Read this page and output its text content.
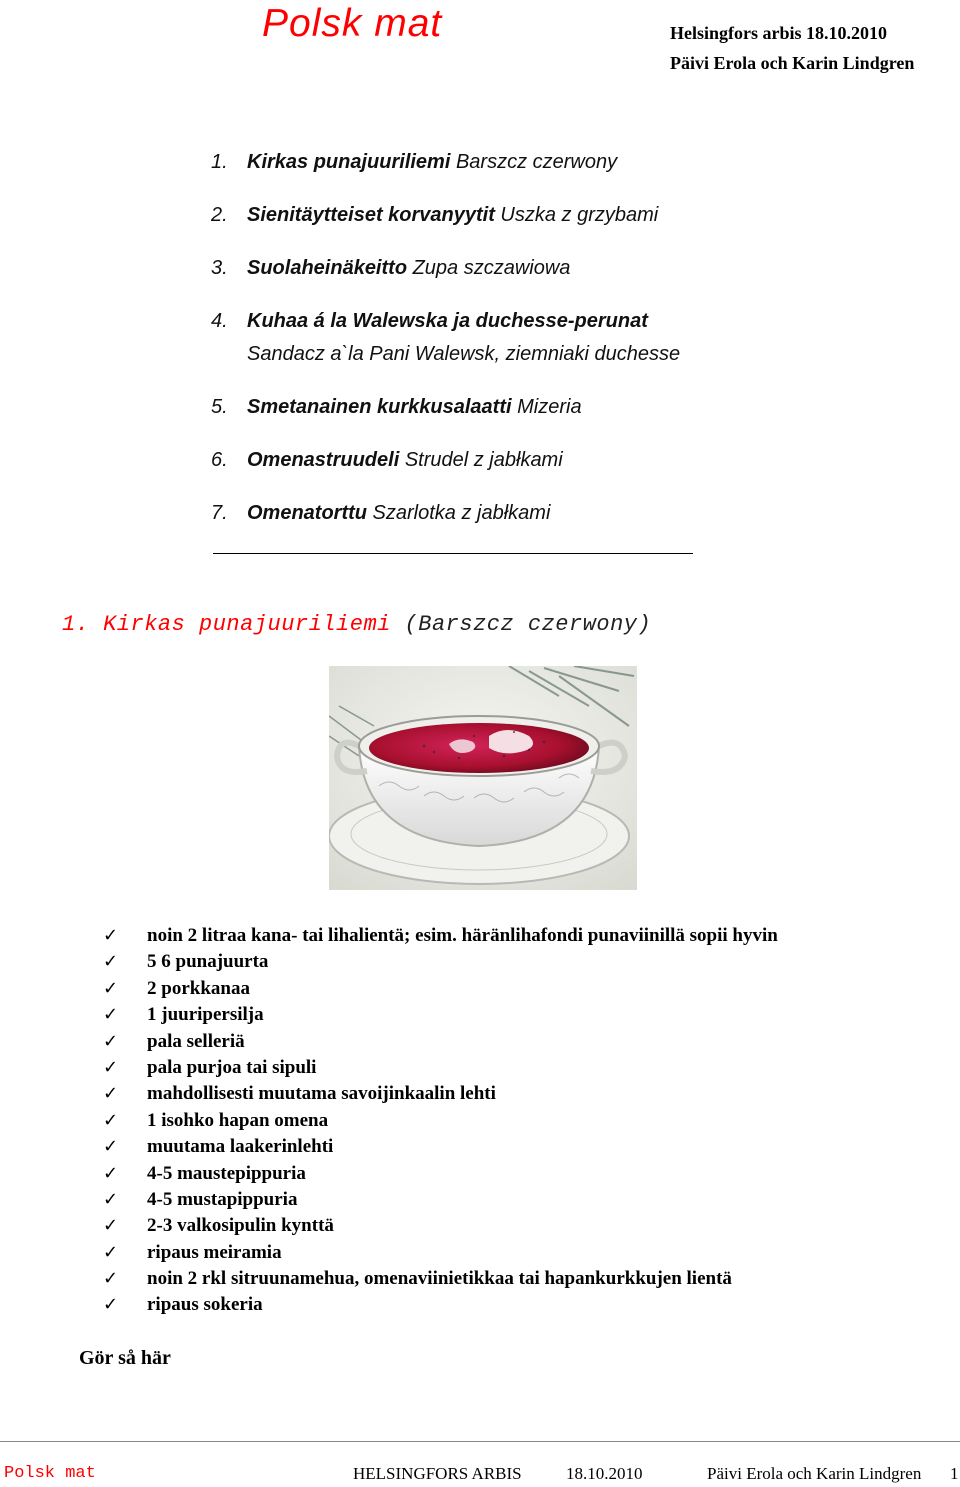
Polsk mat	Helsingfors arbis 18.10.2010
Päivi Erola och Karin Lindgren
1. Kirkas punajuuriliemi Barszcz czerwony
2. Sienitäytteiset korvanyytit Uszka z grzybami
3. Suolaheinäkeitto Zupa szczawiowa
4. Kuhaa á la Walewska ja duchesse-perunat
Sandacz a`la Pani Walewsk, ziemniaki duchesse
5. Smetanainen kurkkusalaatti Mizeria
6. Omenastruudeli Strudel z jabłkami
7. Omenatorttu Szarlotka z jabłkami
1. Kirkas punajuuriliemi (Barszcz czerwony)
✓ noin 2 litraa kana- tai lihalientä; esim. häränlihafondi punaviinillä sopii hyvin
✓ 5 6 punajuurta
✓ 2 porkkanaa
✓ 1 juuripersilja
✓ pala selleriä
✓ pala purjoa tai sipuli
✓ mahdollisesti muutama savoijinkaalin lehti
✓ 1 isohko hapan omena
✓ muutama laakerinlehti
✓ 4-5 maustepippuria
✓ 4-5 mustapippuria
✓ 2-3 valkosipulin kynttä
✓ ripaus meiramia
✓ noin 2 rkl sitruunamehua, omenaviinietikkaa tai hapankurkkujen lientä
✓ ripaus sokeria
Gör så här
Polsk mat	HELSINGFORS ARBIS	18.10.2010	Päivi Erola och Karin Lindgren 1
